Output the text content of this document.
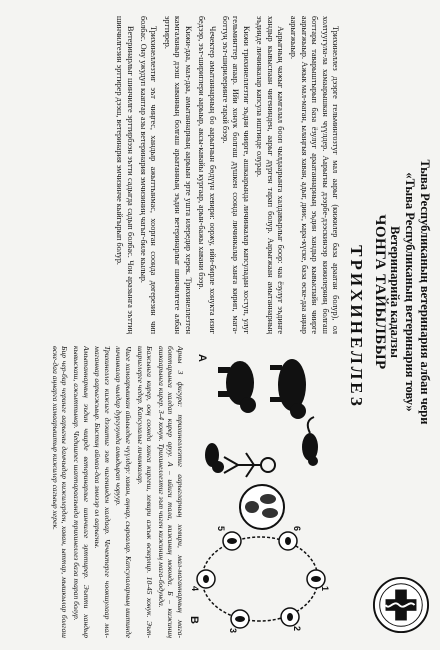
Тыва Республиканың ветеринария албан чери
«Тыва Республиканың ветеринария тову»
Ветеринарийа кадалзы
ЧОНГА ТАЙЫЛБЫР
ТРИХИНЕЛЛЕЗ

Трихинеллез дээрге гельминтозтуг мал аарыг (кижилер база араатан болур), ол холтуугула-ла хамаарышкан чүүлдер. Аарыгны дээрбе-дээскинээр кижилерниң болгаш боттары таварыштырып база ёзулуг араатаннарның эъдин хандыр кывыспайн чиирге аарыгжыыр. Ажык мал-маган, ылаңгыя хаван, адыг, диис, кара-күске, база өске-даа аңнар аарыгжыыр.

Аарыгның чажыг камгалал бооп чылдаарынга халдавырлыг боор: чаа ёзулуг эъдинге хандыр кывыспаан чигенинден, аарыг дүрген тарап болур. Аарыгжаан амытаннарның эъдинде личинкалар капсула иштинде олурар.

Кижи трихинеллезтиг эъдни чиирге, ашкаарында личинкалар капсуладан хоступ, улуг гельминттер апаар. Ийи хонук болгаш дүшкен соонда личинкалар ханга кирип, мага-боттуң эът-ширилеринге тарай бээр.

Чечектер амытаннарның бо аарыгнын бөдүүн хевири: ооржу, ийи-бирле хонукта изиг бедээр, эът-шириглери аарыыр, аксы-кавайы кургаар, арын-бажы хавани бээр.

Кижи-даа, мал-даа, амытаннарның аарыын эрте ушта илередир херек. Трихинеллезтен камгаланыр дээш хаванның болгаш араатанның эъдин ветеринарлыг шинчилгеге албан эрттирер.

Трихинеллезтиг эът чиңгес, хандыр ажыттынмас, хоорган соонда дөгерезин чип болбас. Ону ужудуп кааптар азы ветеринария эмчизиниң чагыг-биле кылыр.

Ветеринарлыг шинчилге эрттирбээн эътти садыгда садып болбас. Чон аразынга эъттиң шинчилгезин эрттирер дээш, ветеринария эмчизинче кыйгырып болур.

А
В
1
2
3
4
5	6

Арны 3 фигура: трихинеллезтиг аарыгларның хевири, мал-маганнарның мага-боттарынга халдап кирер оруу. А – ийиги тала, кижиниң моюнда. Б – кижиниң ашкаарынга кирер. 3-4 хонук. Трихинеллезтиг эът чиген кижиниң мага-бодунда.

Бажынга кирер, ооң соонда ханга киргеш, хевири ажык өскерлир. 10-45 хонук. Эът-шириглерге чедер. Капсулалыг личинкалар.

Чиге хамаарышкан айыылдыг чүүлдер: хаван, аңнар, сыраалар. Капсулаларның иштинде личинкалар чылдар дургузунда амыдырап чоруур.

Трихинеллез кижиге дээштиг эът чигенинден халдаар. Чечектерге чоокшулаар мал-маганнар аарыгжыыр. Бистиң аймаа-даа эмнээр ол аарыгны.

Амытаннарның эъдин чиирде ветеринарлыг шинчилге эрттирер. Эътти хандыр кывыскаш, ажыттынар. Чедишпес шаптараазында трихинеллез база тарап болур.

Бир чер-бир черинге аарыгны дамчыдар кижилерден, хаван, ыттар, мышкылар болгаш өске-даа аңнарга хамаарыштыр кижилер сагыыр херек.
